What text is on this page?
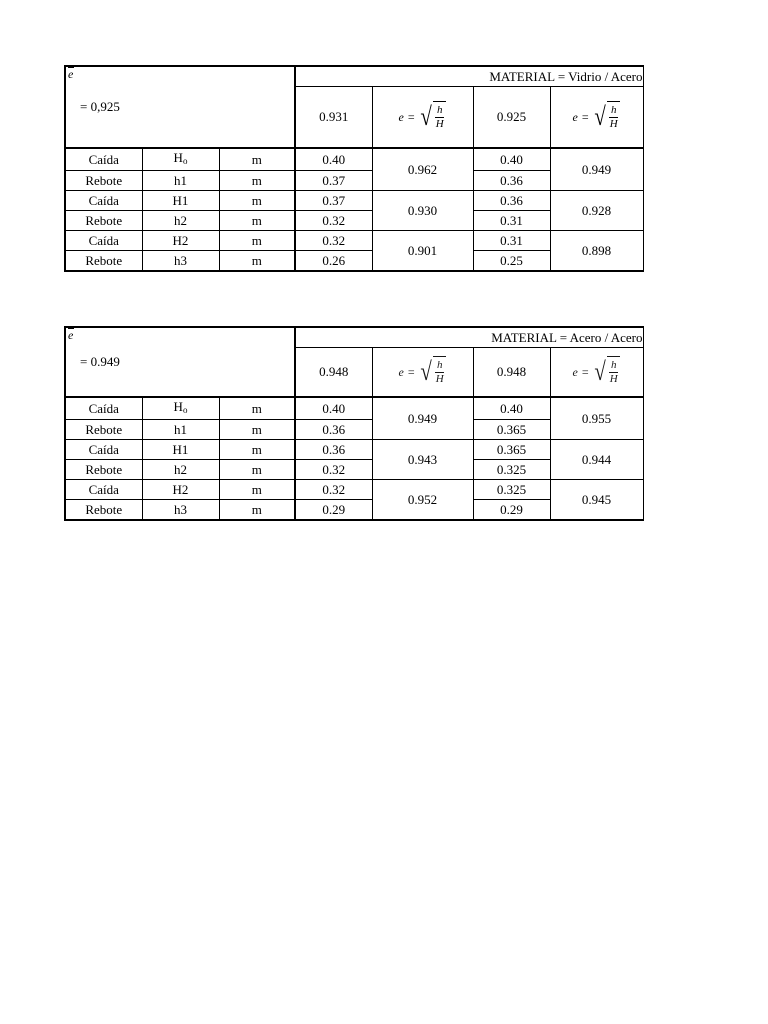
e
= 0,925			MATERIAL = Vidrio / Acero			
			0.931	e = √ $\frac{h}{H}$	0.925	e = √ $\frac{h}{H}$

Caída	Ho	m	0.40	0.962	0.40	0.949
Rebote	h1	m	0.37		0.36	
Caída	H1	m	0.37	0.930	0.36	0.928
Rebote	h2	m	0.32		0.31	
Caída	H2	m	0.32	0.901	0.31	0.898
Rebote	h3	m	0.26		0.25	
e
= 0.949			MATERIAL = Acero / Acero			
			0.948	e = √ $\frac{h}{H}$	0.948	e = √ $\frac{h}{H}$

Caída	Ho	m	0.40	0.949	0.40	0.955
Rebote	h1	m	0.36		0.365	
Caída	H1	m	0.36	0.943	0.365	0.944
Rebote	h2	m	0.32		0.325	
Caída	H2	m	0.32	0.952	0.325	0.945
Rebote	h3	m	0.29		0.29	
